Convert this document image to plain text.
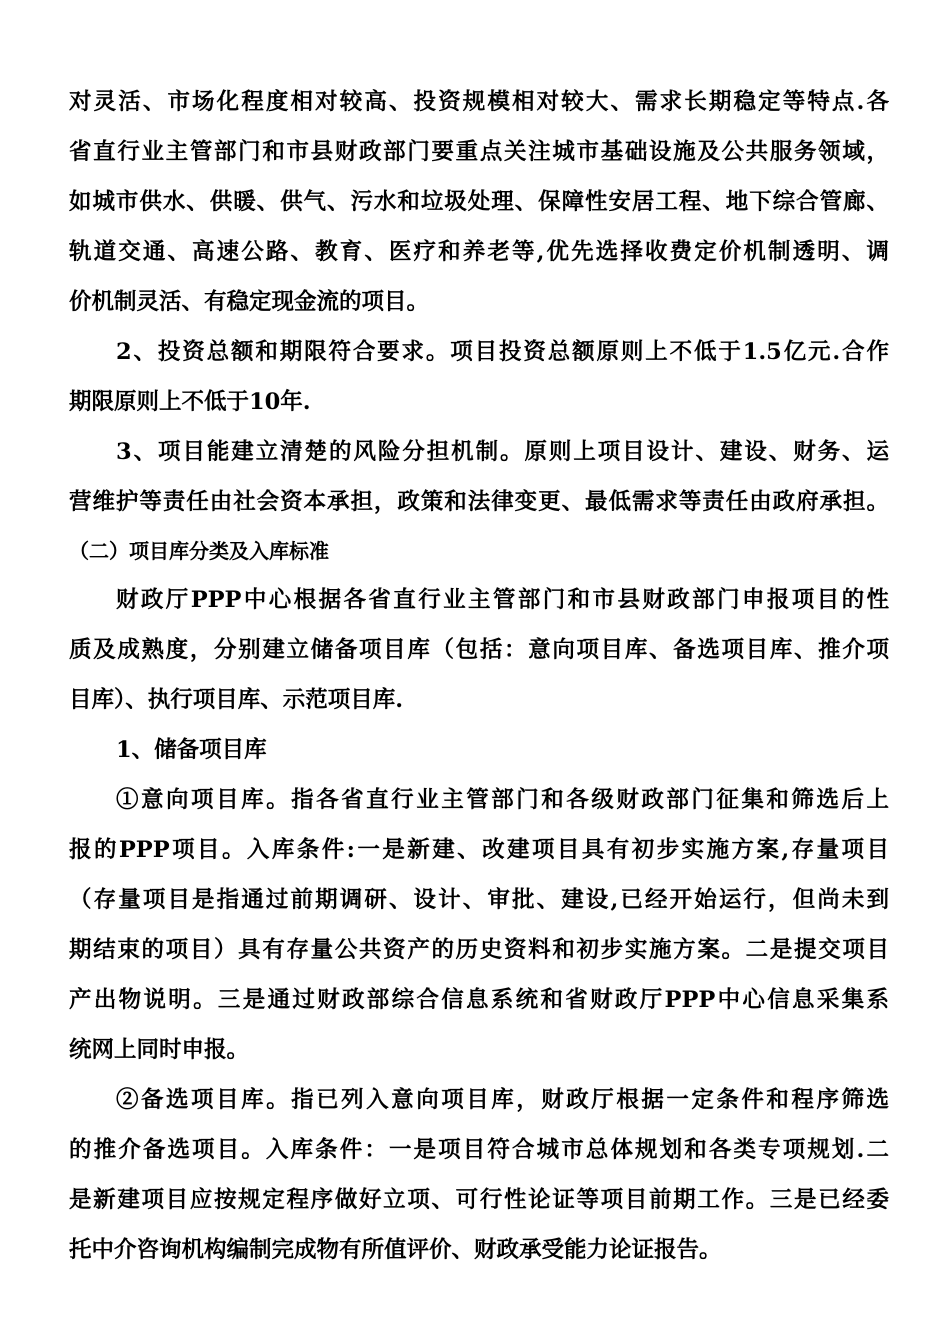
对灵活、市场化程度相对较高、投资规模相对较大、需求长期稳定等特点.各
省直行业主管部门和市县财政部门要重点关注城市基础设施及公共服务领域，
如城市供水、供暖、供气、污水和垃圾处理、保障性安居工程、地下综合管廊、
轨道交通、高速公路、教育、医疗和养老等,优先选择收费定价机制透明、调
价机制灵活、有稳定现金流的项目。
2、投资总额和期限符合要求。项目投资总额原则上不低于1.5亿元.合作
期限原则上不低于10年.
3、项目能建立清楚的风险分担机制。原则上项目设计、建设、财务、运
营维护等责任由社会资本承担，政策和法律变更、最低需求等责任由政府承担。
（二）项目库分类及入库标准
财政厅PPP中心根据各省直行业主管部门和市县财政部门申报项目的性
质及成熟度，分别建立储备项目库（包括：意向项目库、备选项目库、推介项
目库）、执行项目库、示范项目库.
1、储备项目库
①意向项目库。指各省直行业主管部门和各级财政部门征集和筛选后上
报的PPP项目。入库条件:一是新建、改建项目具有初步实施方案,存量项目
（存量项目是指通过前期调研、设计、审批、建设,已经开始运行，但尚未到
期结束的项目）具有存量公共资产的历史资料和初步实施方案。二是提交项目
产出物说明。三是通过财政部综合信息系统和省财政厅PPP中心信息采集系
统网上同时申报。
②备选项目库。指已列入意向项目库，财政厅根据一定条件和程序筛选
的推介备选项目。入库条件：一是项目符合城市总体规划和各类专项规划.二
是新建项目应按规定程序做好立项、可行性论证等项目前期工作。三是已经委
托中介咨询机构编制完成物有所值评价、财政承受能力论证报告。
